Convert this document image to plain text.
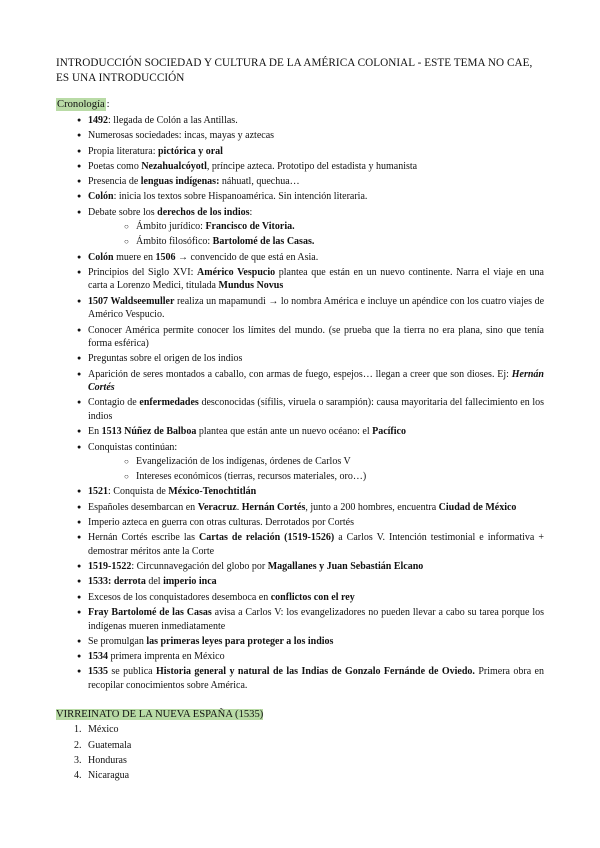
INTRODUCCIÓN SOCIEDAD Y CULTURA DE LA AMÉRICA COLONIAL - ESTE TEMA NO CAE, ES UNA INTRODUCCIÓN
Cronología :
● 1492: llegada de Colón a las Antillas.
● Numerosas sociedades: incas, mayas y aztecas
● Propia literatura: pictórica y oral
● Poetas como Nezahualcóyotl, príncipe azteca. Prototipo del estadista y humanista
● Presencia de lenguas indígenas: náhuatl, quechua…
● Colón: inicia los textos sobre Hispanoamérica. Sin intención literaria.
● Debate sobre los derechos de los indios:
○ Ámbito jurídico: Francisco de Vitoria.
○ Ámbito filosófico: Bartolomé de las Casas.
● Colón muere en 1506 → convencido de que está en Asia.
● Principios del Siglo XVI: Américo Vespucio plantea que están en un nuevo continente. Narra el viaje en una carta a Lorenzo Medici, titulada Mundus Novus
● 1507 Waldseemuller realiza un mapamundi → lo nombra América e incluye un apéndice con los cuatro viajes de Américo Vespucio.
● Conocer América permite conocer los límites del mundo. (se prueba que la tierra no era plana, sino que tenía forma esférica)
● Preguntas sobre el origen de los indios
● Aparición de seres montados a caballo, con armas de fuego, espejos… llegan a creer que son dioses. Ej: Hernán Cortés
● Contagio de enfermedades desconocidas (sífilis, viruela o sarampión): causa mayoritaria del fallecimiento en los indios
● En 1513 Núñez de Balboa plantea que están ante un nuevo océano: el Pacífico
● Conquistas continúan:
○ Evangelización de los indígenas, órdenes de Carlos V
○ Intereses económicos (tierras, recursos materiales, oro…)
● 1521: Conquista de México-Tenochtitlán
● Españoles desembarcan en Veracruz. Hernán Cortés, junto a 200 hombres, encuentra Ciudad de México
● Imperio azteca en guerra con otras culturas. Derrotados por Cortés
● Hernán Cortés escribe las Cartas de relación (1519-1526) a Carlos V. Intención testimonial e informativa + demostrar méritos ante la Corte
● 1519-1522: Circunnavegación del globo por Magallanes y Juan Sebastián Elcano
● 1533: derrota del imperio inca
● Excesos de los conquistadores desemboca en conflictos con el rey
● Fray Bartolomé de las Casas avisa a Carlos V: los evangelizadores no pueden llevar a cabo su tarea porque los indígenas mueren inmediatamente
● Se promulgan las primeras leyes para proteger a los indios
● 1534 primera imprenta en México
● 1535 se publica Historia general y natural de las Indias de Gonzalo Fernánde de Oviedo. Primera obra en recopilar conocimientos sobre América.
VIRREINATO DE LA NUEVA ESPAÑA (1535)
1. México
2. Guatemala
3. Honduras
4. Nicaragua
